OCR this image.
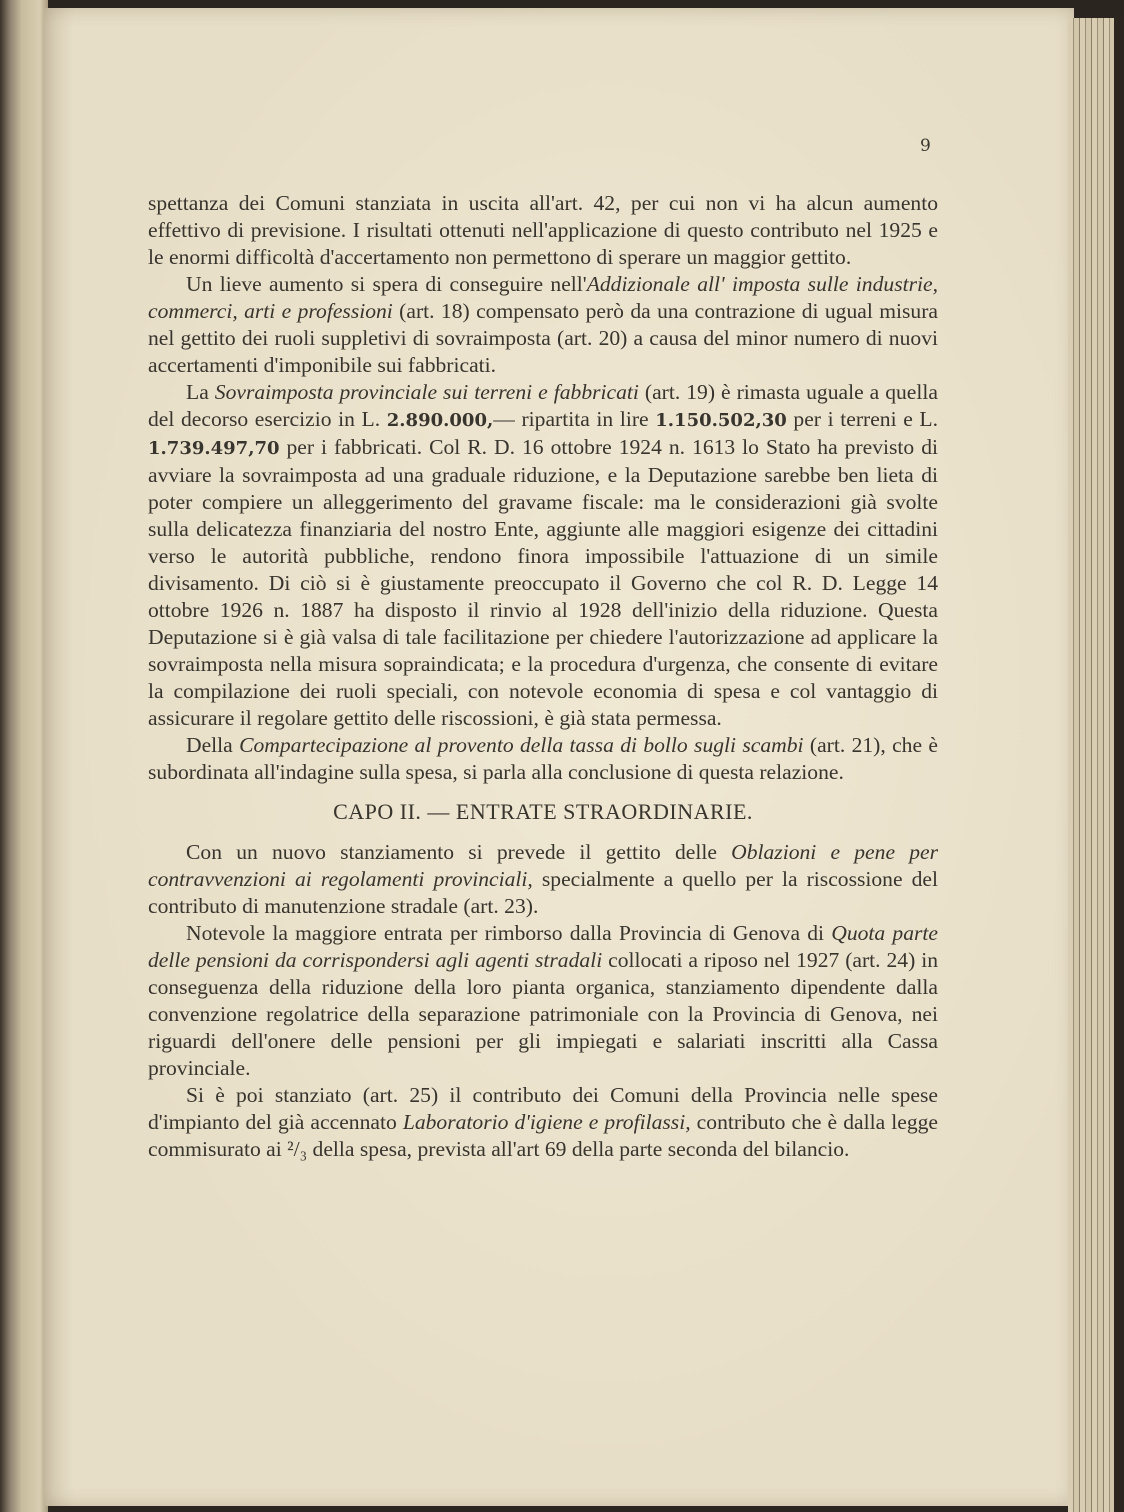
9

spettanza dei Comuni stanziata in uscita all'art. 42, per cui non vi ha alcun aumento effettivo di previsione. I risultati ottenuti nell'applicazione di questo contributo nel 1925 e le enormi difficoltà d'accertamento non permettono di sperare un maggior gettito.

Un lieve aumento si spera di conseguire nell'Addizionale all' imposta sulle industrie, commerci, arti e professioni (art. 18) compensato però da una contrazione di ugual misura nel gettito dei ruoli suppletivi di sovraimposta (art. 20) a causa del minor numero di nuovi accertamenti d'imponibile sui fabbricati.

La Sovraimposta provinciale sui terreni e fabbricati (art. 19) è rimasta uguale a quella del decorso esercizio in L. 2.890.000,— ripartita in lire 1.150.502,30 per i terreni e L. 1.739.497,70 per i fabbricati. Col R. D. 16 ottobre 1924 n. 1613 lo Stato ha previsto di avviare la sovraimposta ad una graduale riduzione, e la Deputazione sarebbe ben lieta di poter compiere un alleggerimento del gravame fiscale: ma le considerazioni già svolte sulla delicatezza finanziaria del nostro Ente, aggiunte alle maggiori esigenze dei cittadini verso le autorità pubbliche, rendono finora impossibile l'attuazione di un simile divisamento. Di ciò si è giustamente preoccupato il Governo che col R. D. Legge 14 ottobre 1926 n. 1887 ha disposto il rinvio al 1928 dell'inizio della riduzione. Questa Deputazione si è già valsa di tale facilitazione per chiedere l'autorizzazione ad applicare la sovraimposta nella misura sopraindicata; e la procedura d'urgenza, che consente di evitare la compilazione dei ruoli speciali, con notevole economia di spesa e col vantaggio di assicurare il regolare gettito delle riscossioni, è già stata permessa.

Della Compartecipazione al provento della tassa di bollo sugli scambi (art. 21), che è subordinata all'indagine sulla spesa, si parla alla conclusione di questa relazione.

CAPO II. — ENTRATE STRAORDINARIE.

Con un nuovo stanziamento si prevede il gettito delle Oblazioni e pene per contravvenzioni ai regolamenti provinciali, specialmente a quello per la riscossione del contributo di manutenzione stradale (art. 23).

Notevole la maggiore entrata per rimborso dalla Provincia di Genova di Quota parte delle pensioni da corrispondersi agli agenti stradali collocati a riposo nel 1927 (art. 24) in conseguenza della riduzione della loro pianta organica, stanziamento dipendente dalla convenzione regolatrice della separazione patrimoniale con la Provincia di Genova, nei riguardi dell'onere delle pensioni per gli impiegati e salariati inscritti alla Cassa provinciale.

Si è poi stanziato (art. 25) il contributo dei Comuni della Provincia nelle spese d'impianto del già accennato Laboratorio d'igiene e profilassi, contributo che è dalla legge commisurato ai ²/₃ della spesa, prevista all'art 69 della parte seconda del bilancio.
